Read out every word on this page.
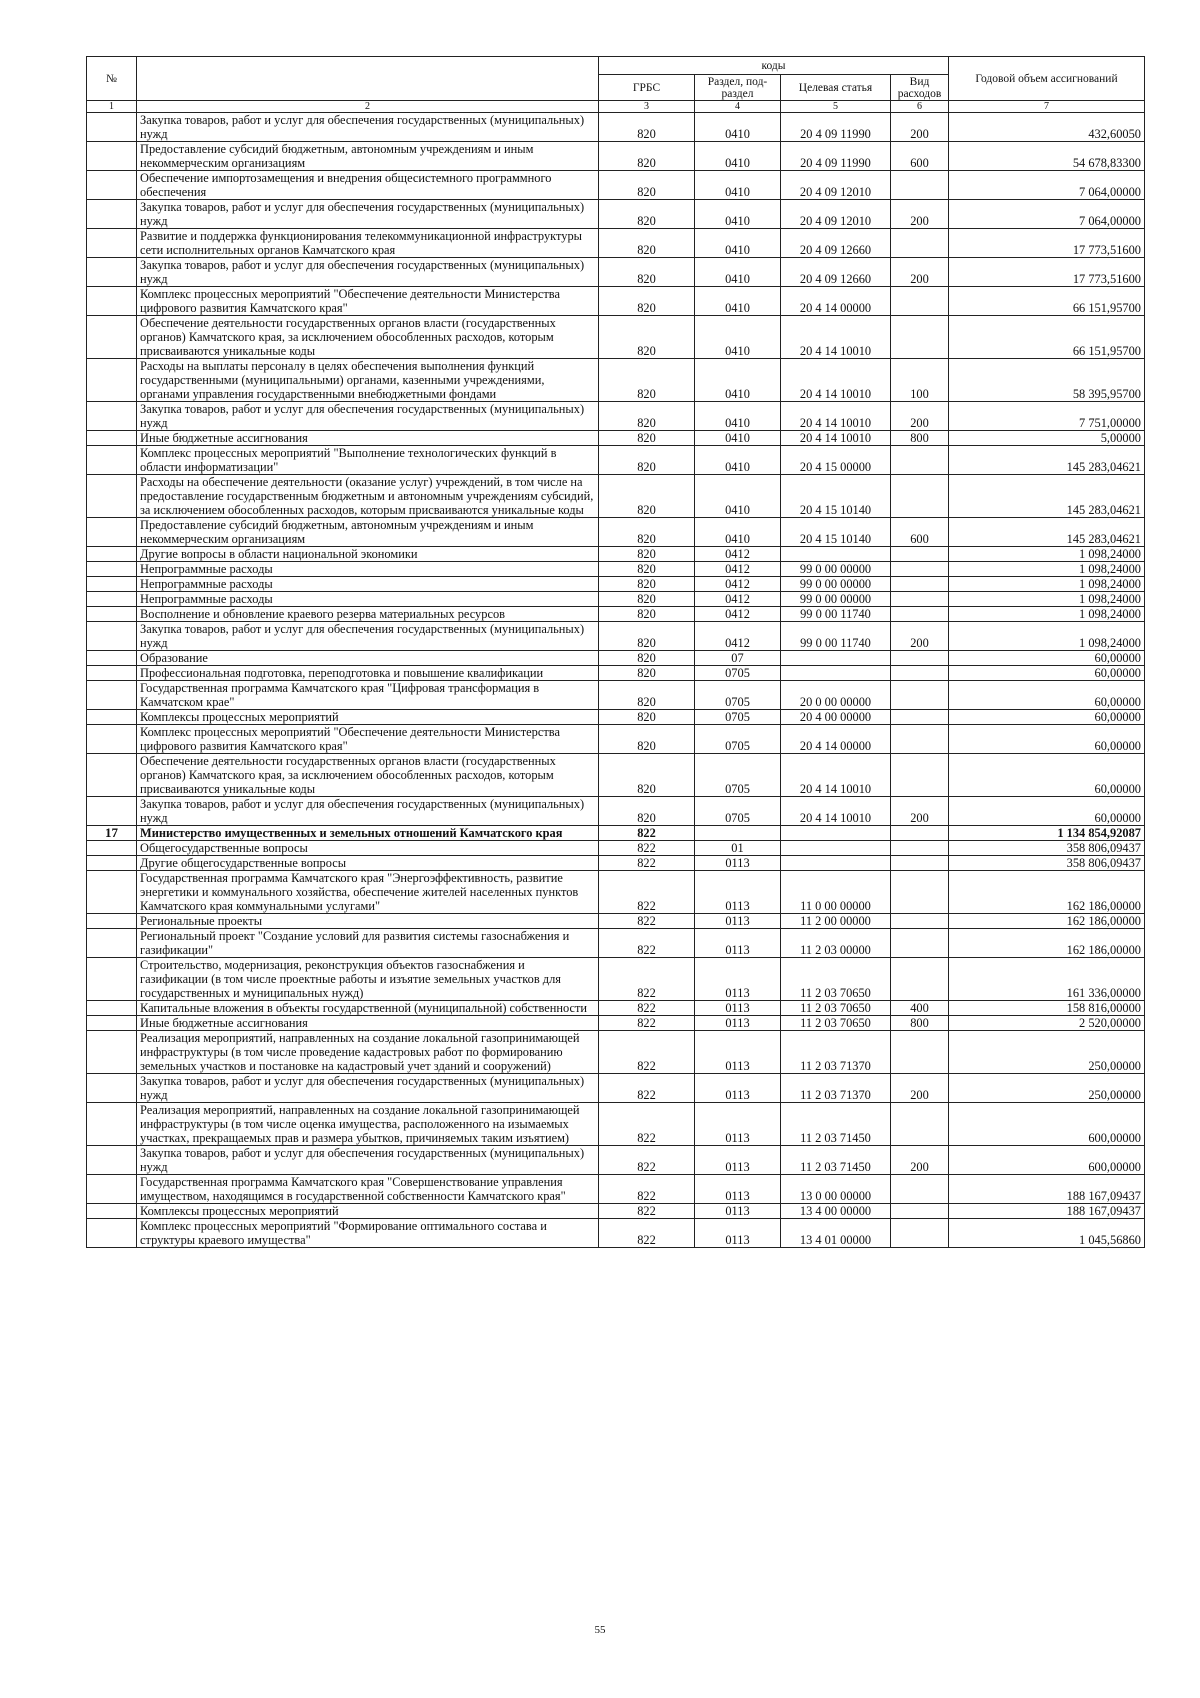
№		коды				Годовой объем ассигнований
		ГРБС	Раздел, под-раздел	Целевая статья	Вид расходов	
1	2	3	4	5	6	7
	Закупка товаров, работ и услуг для обеспечения государственных (муниципальных) нужд	820	0410	20 4 09 11990	200	432,60050
	Предоставление субсидий бюджетным, автономным учреждениям и иным некоммерческим организациям	820	0410	20 4 09 11990	600	54 678,83300
	Обеспечение импортозамещения и внедрения общесистемного программного обеспечения	820	0410	20 4 09 12010		7 064,00000
	Закупка товаров, работ и услуг для обеспечения государственных (муниципальных) нужд	820	0410	20 4 09 12010	200	7 064,00000
	Развитие и поддержка функционирования телекоммуникационной инфраструктуры сети исполнительных органов Камчатского края	820	0410	20 4 09 12660		17 773,51600
	Закупка товаров, работ и услуг для обеспечения государственных (муниципальных) нужд	820	0410	20 4 09 12660	200	17 773,51600
	Комплекс процессных мероприятий "Обеспечение деятельности Министерства цифрового развития Камчатского края"	820	0410	20 4 14 00000		66 151,95700
	Обеспечение деятельности государственных органов власти (государственных органов) Камчатского края, за исключением обособленных расходов, которым присваиваются уникальные коды	820	0410	20 4 14 10010		66 151,95700
	Расходы на выплаты персоналу в целях обеспечения выполнения функций государственными (муниципальными) органами, казенными учреждениями, органами управления государственными внебюджетными фондами	820	0410	20 4 14 10010	100	58 395,95700
	Закупка товаров, работ и услуг для обеспечения государственных (муниципальных) нужд	820	0410	20 4 14 10010	200	7 751,00000
	Иные бюджетные ассигнования	820	0410	20 4 14 10010	800	5,00000
	Комплекс процессных мероприятий "Выполнение технологических функций в области информатизации"	820	0410	20 4 15 00000		145 283,04621
	Расходы на обеспечение деятельности (оказание услуг) учреждений, в том числе на предоставление государственным бюджетным и автономным учреждениям субсидий, за исключением обособленных расходов, которым присваиваются уникальные коды	820	0410	20 4 15 10140		145 283,04621
	Предоставление субсидий бюджетным, автономным учреждениям и иным некоммерческим организациям	820	0410	20 4 15 10140	600	145 283,04621
	Другие вопросы в области национальной экономики	820	0412			1 098,24000
	Непрограммные расходы	820	0412	99 0 00 00000		1 098,24000
	Непрограммные расходы	820	0412	99 0 00 00000		1 098,24000
	Непрограммные расходы	820	0412	99 0 00 00000		1 098,24000
	Восполнение и обновление краевого резерва материальных ресурсов	820	0412	99 0 00 11740		1 098,24000
	Закупка товаров, работ и услуг для обеспечения государственных (муниципальных) нужд	820	0412	99 0 00 11740	200	1 098,24000
	Образование	820	07			60,00000
	Профессиональная подготовка, переподготовка и повышение квалификации	820	0705			60,00000
	Государственная программа Камчатского края "Цифровая трансформация в Камчатском крае"	820	0705	20 0 00 00000		60,00000
	Комплексы процессных мероприятий	820	0705	20 4 00 00000		60,00000
	Комплекс процессных мероприятий "Обеспечение деятельности Министерства цифрового развития Камчатского края"	820	0705	20 4 14 00000		60,00000
	Обеспечение деятельности государственных органов власти (государственных органов) Камчатского края, за исключением обособленных расходов, которым присваиваются уникальные коды	820	0705	20 4 14 10010		60,00000
	Закупка товаров, работ и услуг для обеспечения государственных (муниципальных) нужд	820	0705	20 4 14 10010	200	60,00000
17	Министерство имущественных и земельных отношений Камчатского края	822				1 134 854,92087
	Общегосударственные вопросы	822	01			358 806,09437
	Другие общегосударственные вопросы	822	0113			358 806,09437
	Государственная программа Камчатского края "Энергоэффективность, развитие энергетики и коммунального хозяйства, обеспечение жителей населенных пунктов Камчатского края коммунальными услугами"	822	0113	11 0 00 00000		162 186,00000
	Региональные проекты	822	0113	11 2 00 00000		162 186,00000
	Региональный проект "Создание условий для развития системы газоснабжения и газификации"	822	0113	11 2 03 00000		162 186,00000
	Строительство, модернизация, реконструкция объектов газоснабжения и газификации (в том числе проектные работы и изъятие земельных участков для государственных и муниципальных нужд)	822	0113	11 2 03 70650		161 336,00000
	Капитальные вложения в объекты государственной (муниципальной) собственности	822	0113	11 2 03 70650	400	158 816,00000
	Иные бюджетные ассигнования	822	0113	11 2 03 70650	800	2 520,00000
	Реализация мероприятий, направленных на создание локальной газопринимающей инфраструктуры (в том числе проведение кадастровых работ по формированию земельных участков и постановке на кадастровый учет зданий и сооружений)	822	0113	11 2 03 71370		250,00000
	Закупка товаров, работ и услуг для обеспечения государственных (муниципальных) нужд	822	0113	11 2 03 71370	200	250,00000
	Реализация мероприятий, направленных на создание локальной газопринимающей инфраструктуры (в том числе оценка имущества, расположенного на изымаемых участках, прекращаемых прав и размера убытков, причиняемых таким изъятием)	822	0113	11 2 03 71450		600,00000
	Закупка товаров, работ и услуг для обеспечения государственных (муниципальных) нужд	822	0113	11 2 03 71450	200	600,00000
	Государственная программа Камчатского края "Совершенствование управления имуществом, находящимся в государственной собственности Камчатского края"	822	0113	13 0 00 00000		188 167,09437
	Комплексы процессных мероприятий	822	0113	13 4 00 00000		188 167,09437
	Комплекс процессных мероприятий "Формирование оптимального состава и структуры краевого имущества"	822	0113	13 4 01 00000		1 045,56860
55
